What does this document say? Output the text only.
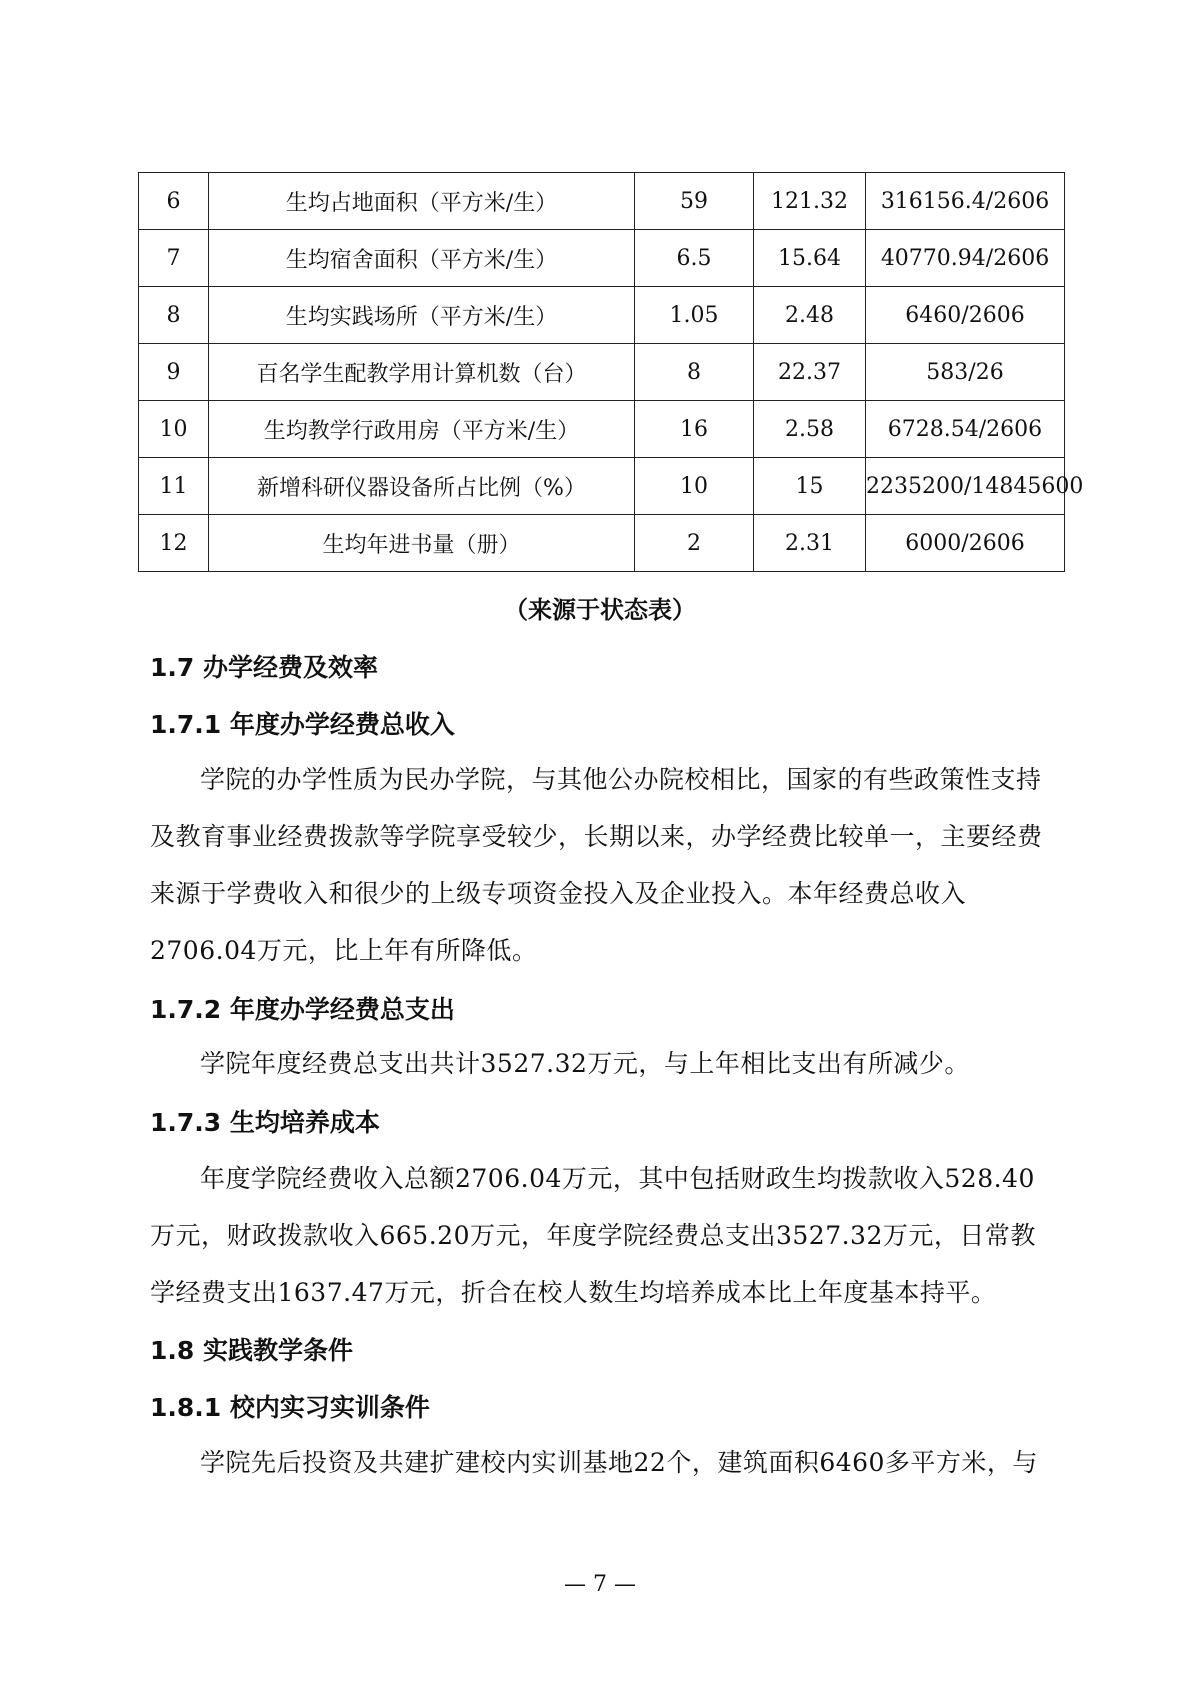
6	生均占地面积（平方米/生）	59	121.32	316156.4/2606
7	生均宿舍面积（平方米/生）	6.5	15.64	40770.94/2606
8	生均实践场所（平方米/生）	1.05	2.48	6460/2606
9	百名学生配教学用计算机数（台）	8	22.37	583/26
10	生均教学行政用房（平方米/生）	16	2.58	6728.54/2606
11	新增科研仪器设备所占比例（%）	10	15	2235200/14845600
12	生均年进书量（册）	2	2.31	6000/2606
（来源于状态表）
1.7 办学经费及效率
1.7.1 年度办学经费总收入

学院的办学性质为民办学院，与其他公办院校相比，国家的有些政策性支持及教育事业经费拨款等学院享受较少，长期以来，办学经费比较单一，主要经费来源于学费收入和很少的上级专项资金投入及企业投入。本年经费总收入2706.04万元，比上年有所降低。

1.7.2 年度办学经费总支出

学院年度经费总支出共计3527.32万元，与上年相比支出有所减少。

1.7.3 生均培养成本

年度学院经费收入总额2706.04万元，其中包括财政生均拨款收入528.40万元，财政拨款收入665.20万元，年度学院经费总支出3527.32万元，日常教学经费支出1637.47万元，折合在校人数生均培养成本比上年度基本持平。

1.8 实践教学条件
1.8.1 校内实习实训条件

学院先后投资及共建扩建校内实训基地22个，建筑面积6460多平方米，与

— 7 —
